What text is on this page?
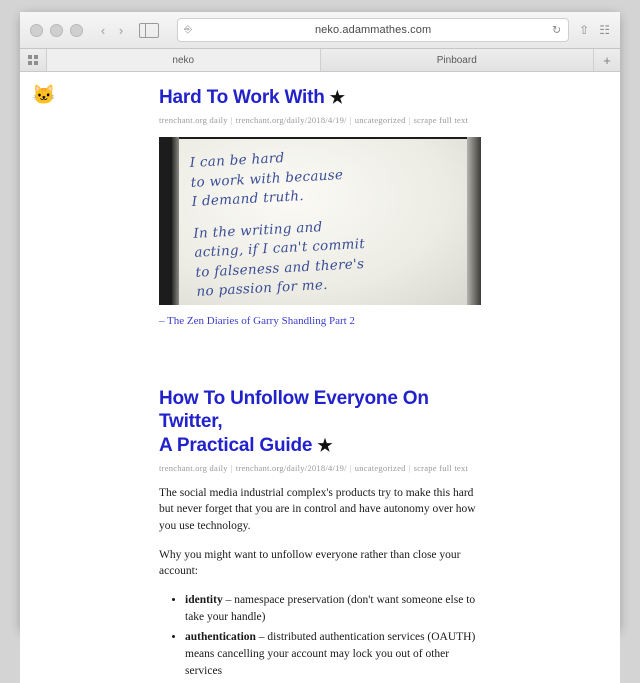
‹	›	⎆	neko.adammathes.com	↻ ⇧ ☷
neko	Pinboard	+
🐱	Hard To Work With ★
trenchant.org daily | trenchant.org/daily/2018/4/19/ | uncategorized | scrape full text
I can be hard
to work with because
I demand truth.
In the writing and
acting, if I can't commit
to falseness and there's
no passion for me.
– The Zen Diaries of Garry Shandling Part 2
How To Unfollow Everyone On Twitter,
A Practical Guide ★
trenchant.org daily | trenchant.org/daily/2018/4/19/ | uncategorized | scrape full text

The social media industrial complex's products try to make this hard but never forget that you are in control and have autonomy over how you use technology.

Why you might want to unfollow everyone rather than close your account:

• identity – namespace preservation (don't want someone else to take your handle)
• authentication – distributed authentication services (OAUTH) means cancelling your account may lock you out of other services
